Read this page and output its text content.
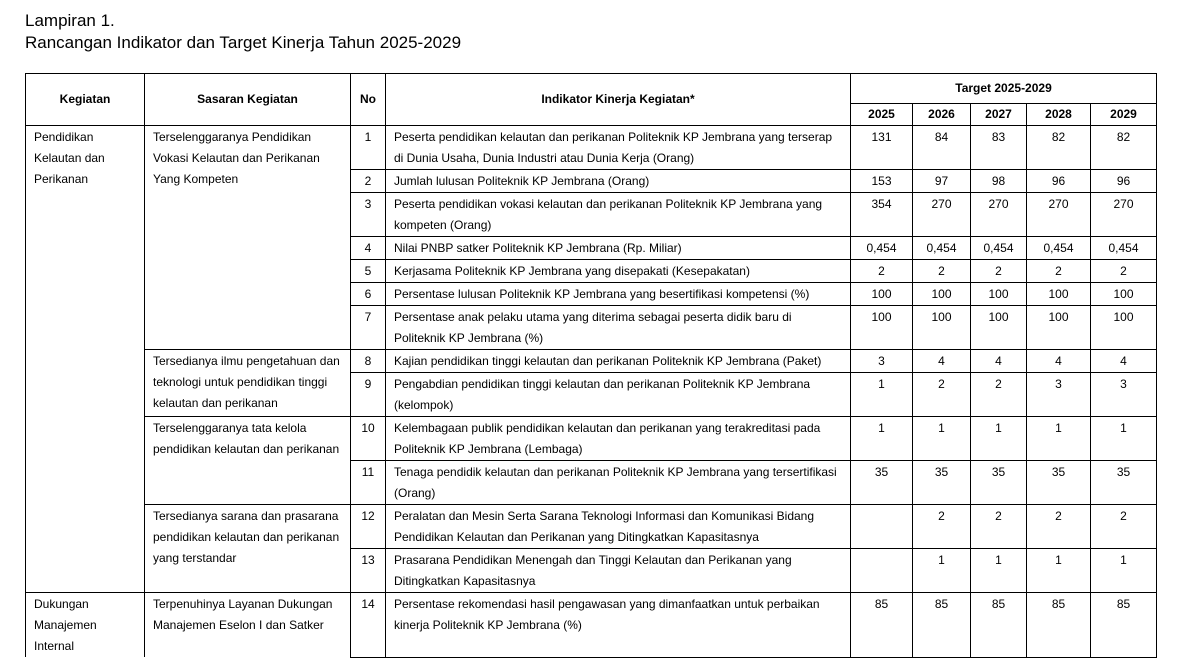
Lampiran 1.
Rancangan Indikator dan Target Kinerja Tahun 2025-2029
Kegiatan	Sasaran Kegiatan	No	Indikator Kinerja Kegiatan*	Target 2025-2029				
				2025	2026	2027	2028	2029
Pendidikan Kelautan dan Perikanan	Terselenggaranya Pendidikan Vokasi Kelautan dan Perikanan Yang Kompeten	1	Peserta pendidikan kelautan dan perikanan Politeknik KP Jembrana yang terserap di Dunia Usaha, Dunia Industri atau Dunia Kerja (Orang)	131	84	83	82	82
		2	Jumlah lulusan Politeknik KP Jembrana (Orang)	153	97	98	96	96
		3	Peserta pendidikan vokasi kelautan dan perikanan Politeknik KP Jembrana yang kompeten (Orang)	354	270	270	270	270
		4	Nilai PNBP satker Politeknik KP Jembrana (Rp. Miliar)	0,454	0,454	0,454	0,454	0,454
		5	Kerjasama Politeknik KP Jembrana yang disepakati (Kesepakatan)	2	2	2	2	2
		6	Persentase lulusan Politeknik KP Jembrana yang besertifikasi kompetensi (%)	100	100	100	100	100
		7	Persentase anak pelaku utama yang diterima sebagai peserta didik baru di Politeknik KP Jembrana (%)	100	100	100	100	100
	Tersedianya ilmu pengetahuan dan teknologi untuk pendidikan tinggi kelautan dan perikanan	8	Kajian pendidikan tinggi kelautan dan perikanan Politeknik KP Jembrana (Paket)	3	4	4	4	4
		9	Pengabdian pendidikan tinggi kelautan dan perikanan Politeknik KP Jembrana (kelompok)	1	2	2	3	3
	Terselenggaranya tata kelola pendidikan kelautan dan perikanan	10	Kelembagaan publik pendidikan kelautan dan perikanan yang terakreditasi pada Politeknik KP Jembrana (Lembaga)	1	1	1	1	1
		11	Tenaga pendidik kelautan dan perikanan Politeknik KP Jembrana yang tersertifikasi (Orang)	35	35	35	35	35
	Tersedianya sarana dan prasarana pendidikan kelautan dan perikanan yang terstandar	12	Peralatan dan Mesin Serta Sarana Teknologi Informasi dan Komunikasi Bidang Pendidikan Kelautan dan Perikanan yang Ditingkatkan Kapasitasnya		2	2	2	2
		13	Prasarana Pendidikan Menengah dan Tinggi Kelautan dan Perikanan yang Ditingkatkan Kapasitasnya		1	1	1	1
Dukungan Manajemen Internal	Terpenuhinya Layanan Dukungan Manajemen Eselon I dan Satker	14	Persentase rekomendasi hasil pengawasan yang dimanfaatkan untuk perbaikan kinerja Politeknik KP Jembrana (%)	85	85	85	85	85
